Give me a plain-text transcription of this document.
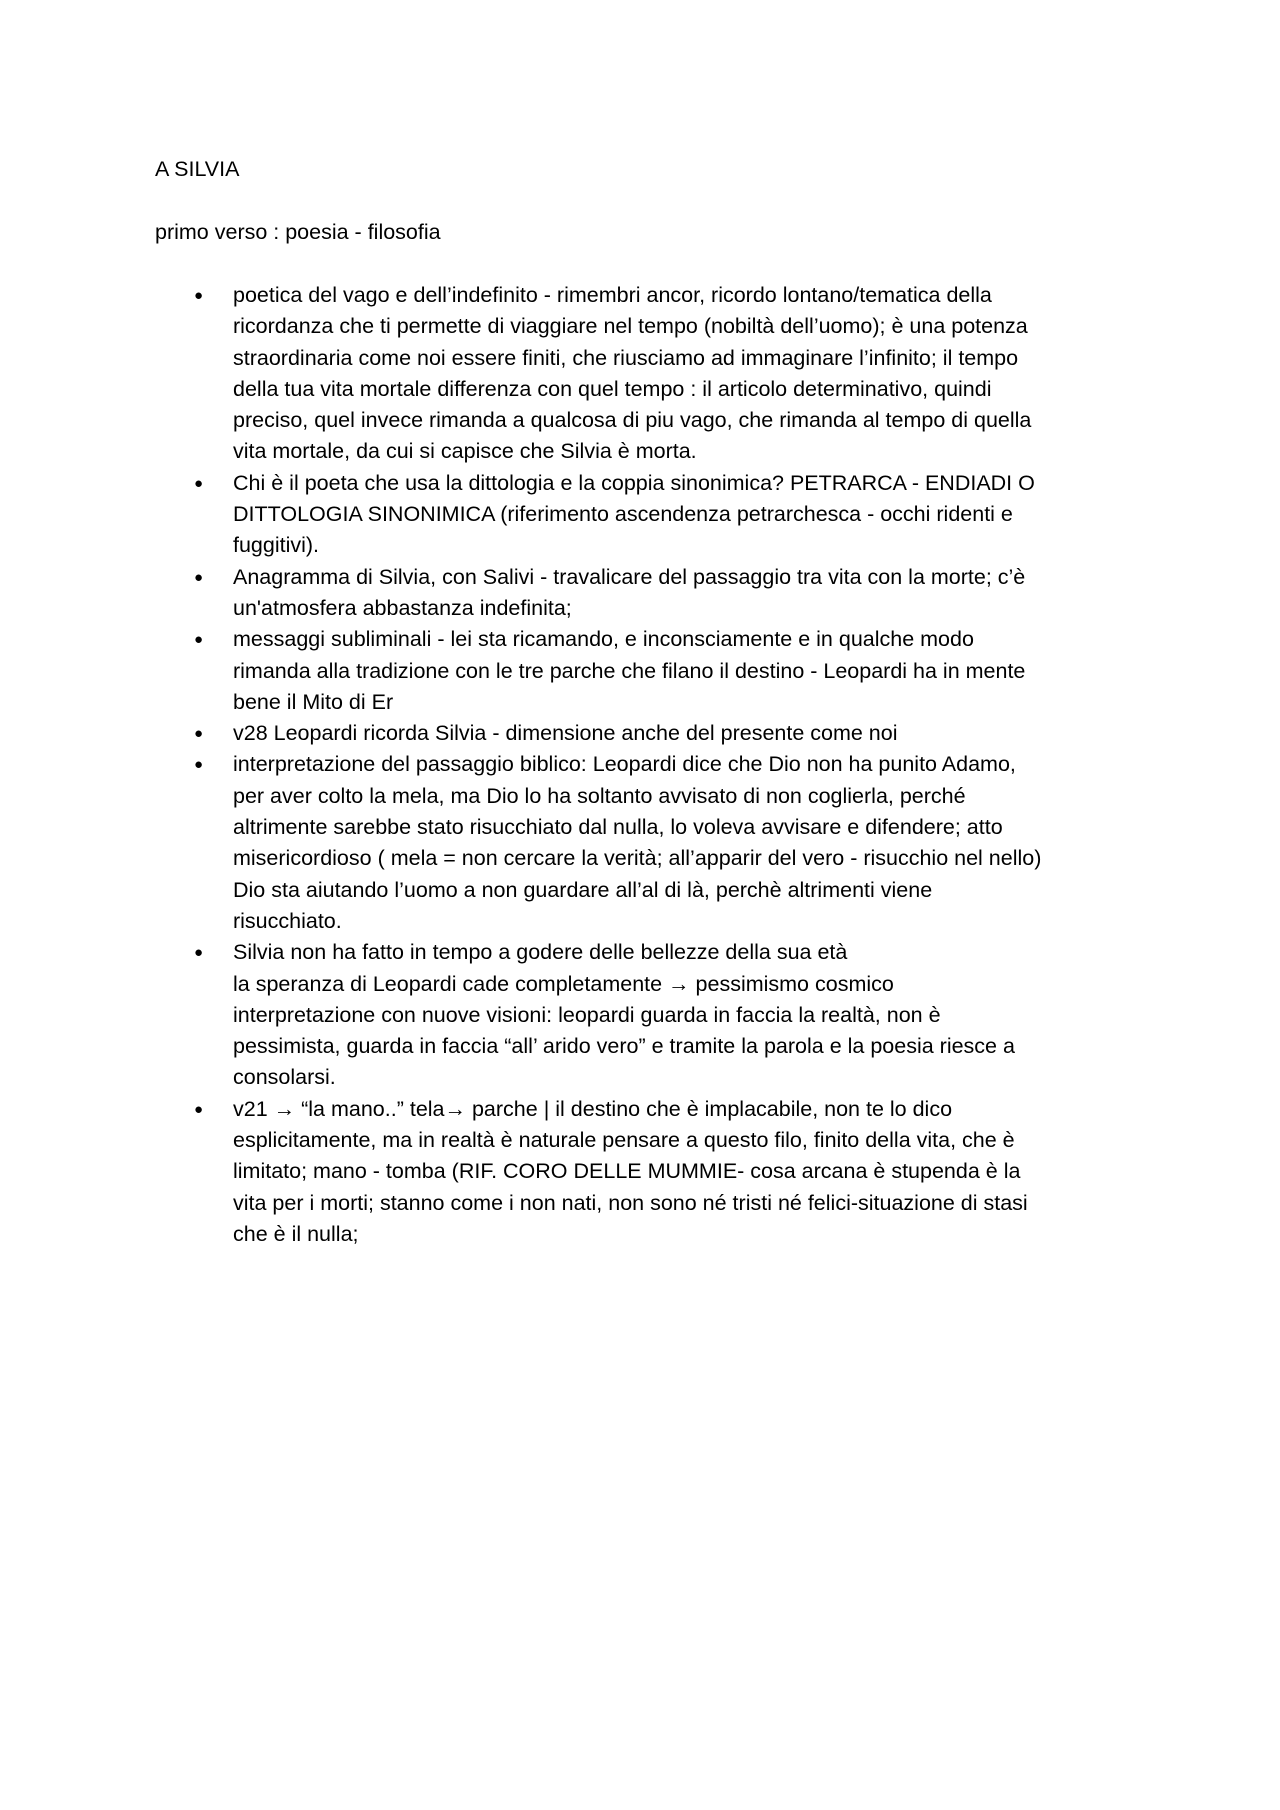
A SILVIA

primo verso : poesia - filosofia

● poetica del vago e dell’indefinito - rimembri ancor, ricordo lontano/tematica della
ricordanza che ti permette di viaggiare nel tempo (nobiltà dell’uomo); è una potenza
straordinaria come noi essere finiti, che riusciamo ad immaginare l’infinito; il tempo
della tua vita mortale differenza con quel tempo : il articolo determinativo, quindi
preciso, quel invece rimanda a qualcosa di piu vago, che rimanda al tempo di quella
vita mortale, da cui si capisce che Silvia è morta.
● Chi è il poeta che usa la dittologia e la coppia sinonimica? PETRARCA - ENDIADI O
DITTOLOGIA SINONIMICA (riferimento ascendenza petrarchesca - occhi ridenti e
fuggitivi).
● Anagramma di Silvia, con Salivi - travalicare del passaggio tra vita con la morte; c’è
un'atmosfera abbastanza indefinita;
● messaggi subliminali - lei sta ricamando, e inconsciamente e in qualche modo
rimanda alla tradizione con le tre parche che filano il destino - Leopardi ha in mente
bene il Mito di Er
● v28 Leopardi ricorda Silvia - dimensione anche del presente come noi
● interpretazione del passaggio biblico: Leopardi dice che Dio non ha punito Adamo,
per aver colto la mela, ma Dio lo ha soltanto avvisato di non coglierla, perché
altrimente sarebbe stato risucchiato dal nulla, lo voleva avvisare e difendere; atto
misericordioso ( mela = non cercare la verità; all’apparir del vero - risucchio nel nello)
Dio sta aiutando l’uomo a non guardare all’al di là, perchè altrimenti viene
risucchiato.
● Silvia non ha fatto in tempo a godere delle bellezze della sua età
la speranza di Leopardi cade completamente → pessimismo cosmico
interpretazione con nuove visioni: leopardi guarda in faccia la realtà, non è
pessimista, guarda in faccia “all’ arido vero” e tramite la parola e la poesia riesce a
consolarsi.
● v21 → “la mano..” tela→ parche | il destino che è implacabile, non te lo dico
esplicitamente, ma in realtà è naturale pensare a questo filo, finito della vita, che è
limitato; mano - tomba (RIF. CORO DELLE MUMMIE- cosa arcana è stupenda è la
vita per i morti; stanno come i non nati, non sono né tristi né felici-situazione di stasi
che è il nulla;
